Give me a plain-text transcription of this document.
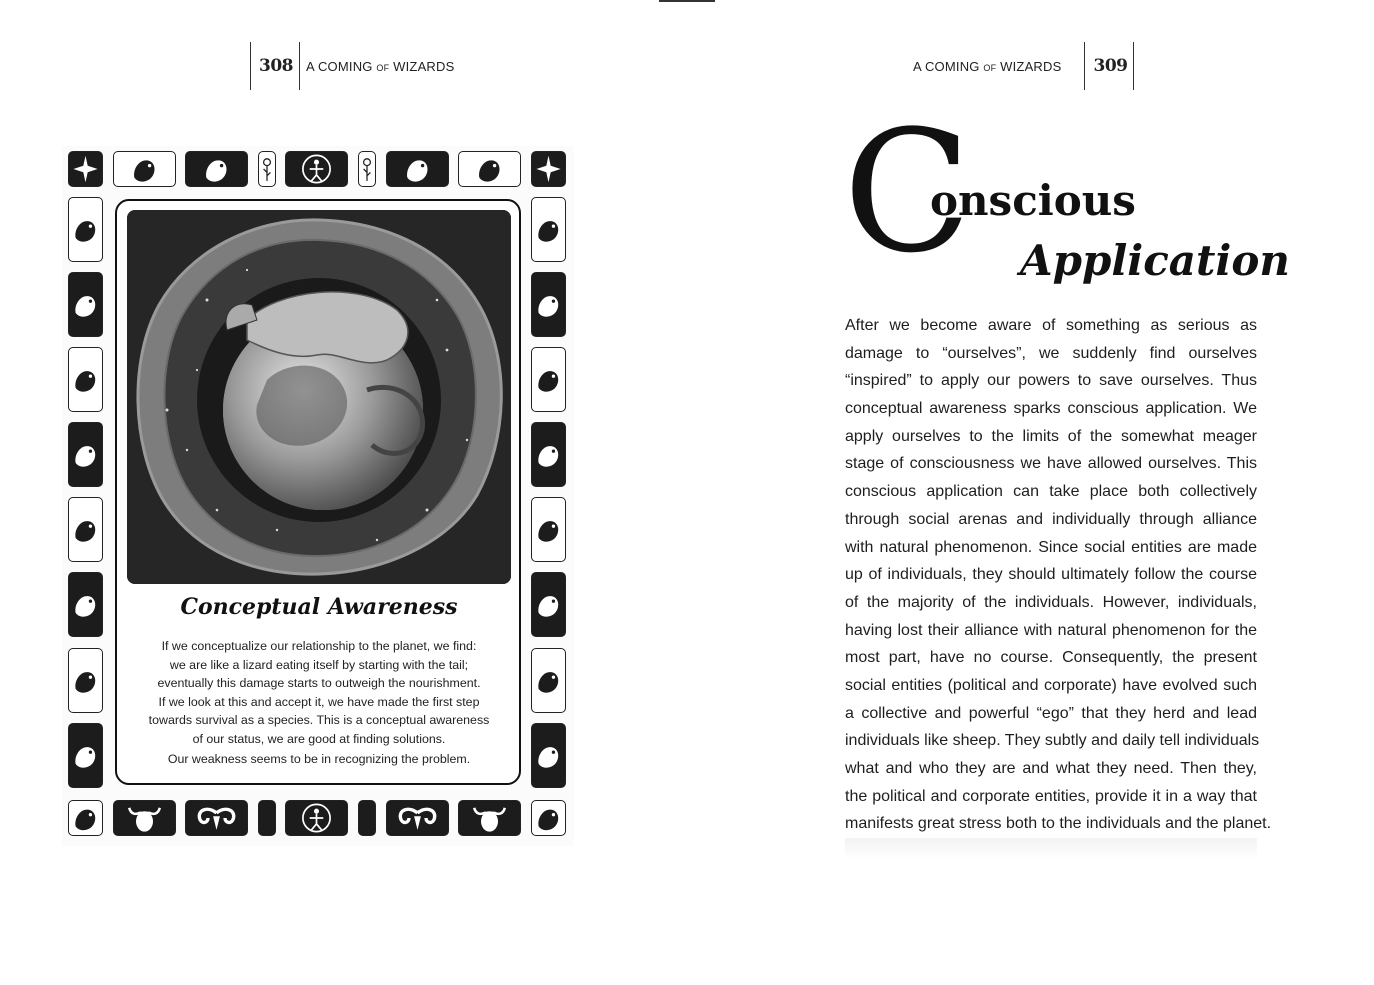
308 A COMING OF WIZARDS	A COMING OF WIZARDS 309
Conceptual Awareness

If we conceptualize our relationship to the planet, we find:

we are like a lizard eating itself by starting with the tail;

eventually this damage starts to outweigh the nourishment.

If we look at this and accept it, we have made the first step

towards survival as a species. This is a conceptual awareness

of our status, we are good at finding solutions.

Our weakness seems to be in recognizing the problem.

C
onscious
Application
After we become aware of something as serious as
damage to “ourselves”, we suddenly find ourselves
“inspired” to apply our powers to save ourselves. Thus
conceptual awareness sparks conscious application. We
apply ourselves to the limits of the somewhat meager
stage of consciousness we have allowed ourselves. This
conscious application can take place both collectively
through social arenas and individually through alliance
with natural phenomenon. Since social entities are made
up of individuals, they should ultimately follow the course
of the majority of the individuals. However, individuals,
having lost their alliance with natural phenomenon for the
most part, have no course. Consequently, the present
social entities (political and corporate) have evolved such
a collective and powerful “ego” that they herd and lead
individuals like sheep. They subtly and daily tell individuals
what and who they are and what they need. Then they,
the political and corporate entities, provide it in a way that
manifests great stress both to the individuals and the planet.
